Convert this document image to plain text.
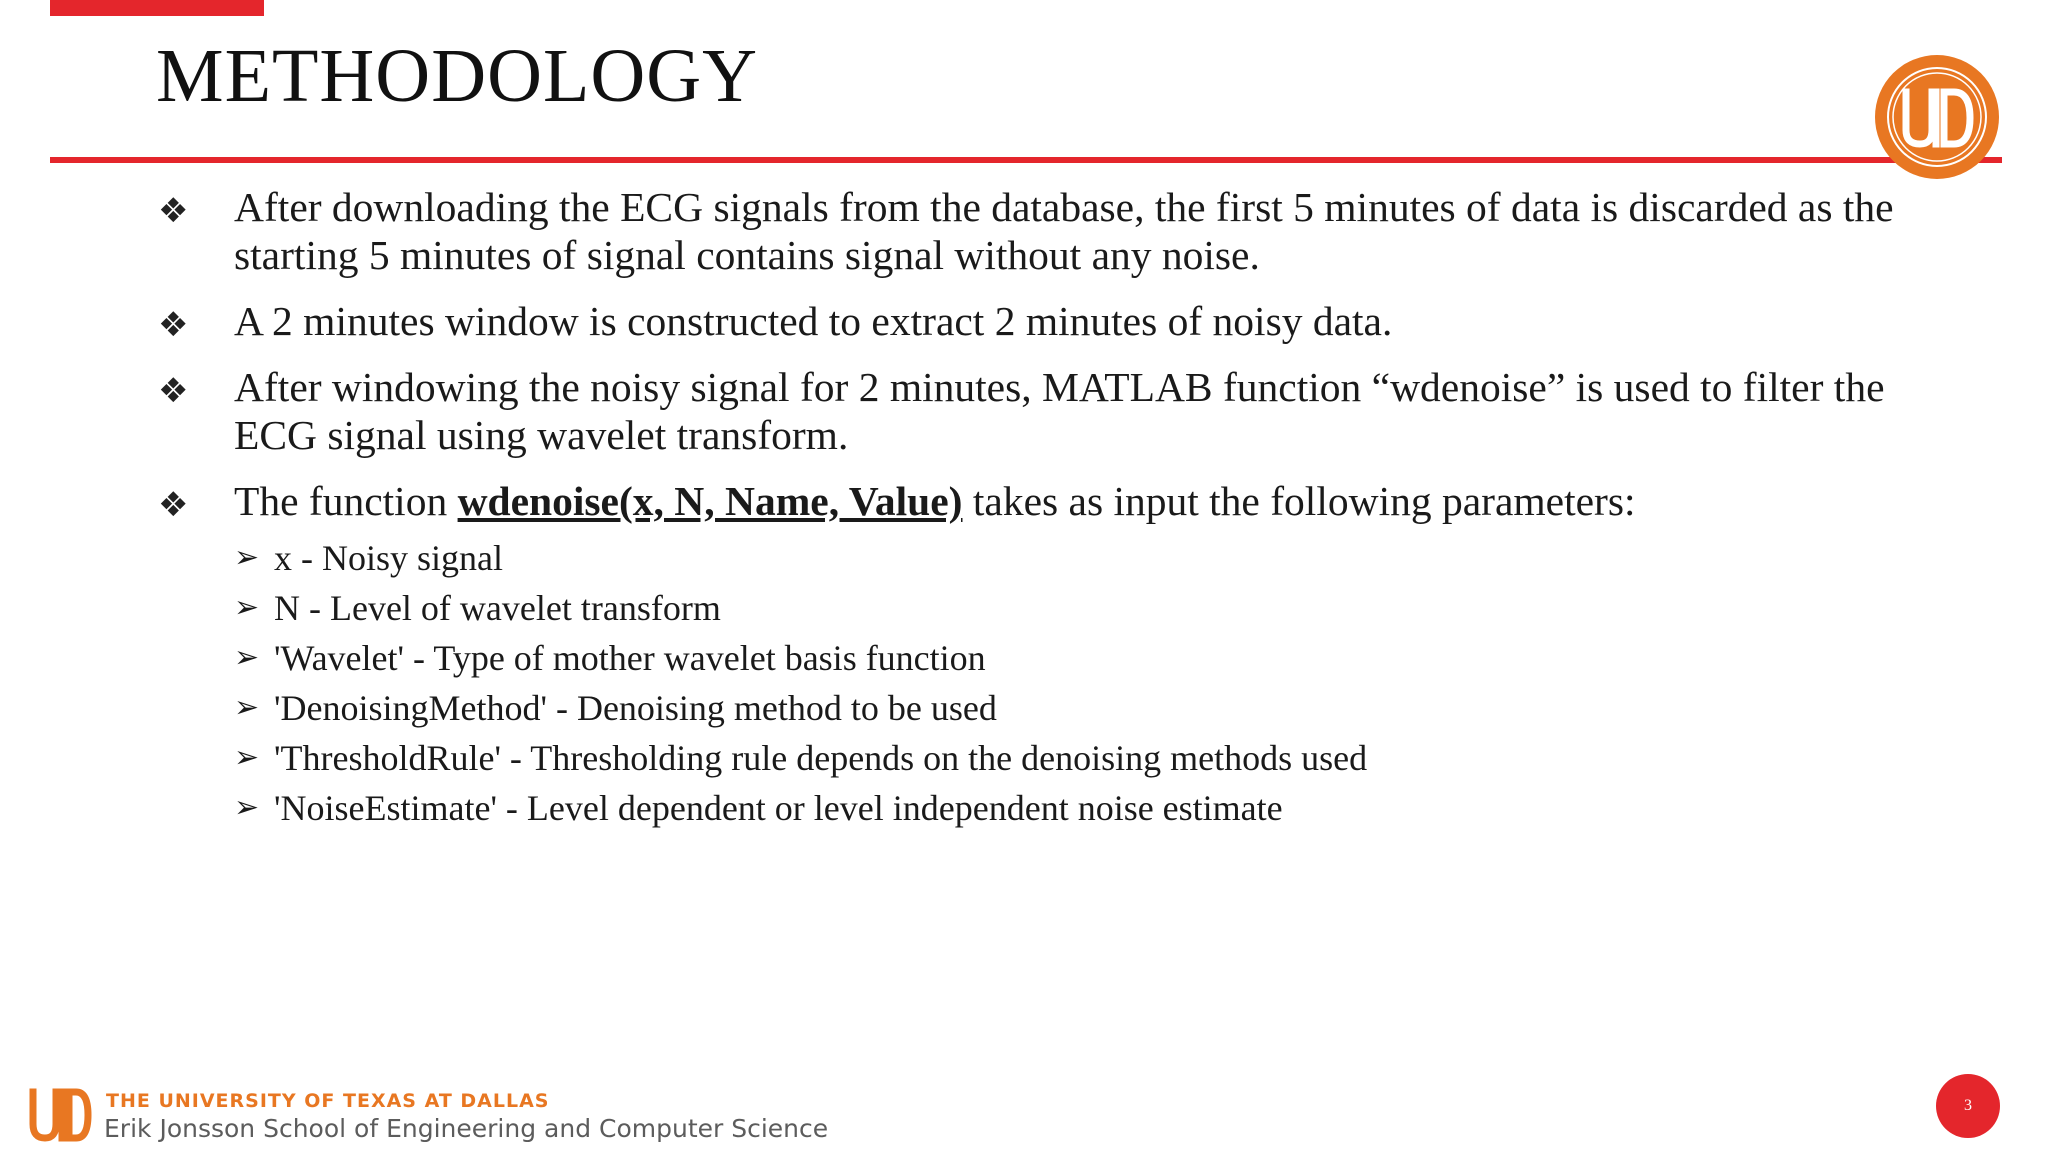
METHODOLOGY
❖ After downloading the ECG signals from the database, the first 5 minutes of data is discarded as the starting 5 minutes of signal contains signal without any noise.
❖ A 2 minutes window is constructed to extract 2 minutes of noisy data.
❖ After windowing the noisy signal for 2 minutes, MATLAB function “wdenoise” is used to filter the ECG signal using wavelet transform.
❖ The function wdenoise(x, N, Name, Value) takes as input the following parameters:
➢ x - Noisy signal
➢ N - Level of wavelet transform
➢ 'Wavelet' - Type of mother wavelet basis function
➢ 'DenoisingMethod' - Denoising method to be used
➢ 'ThresholdRule' - Thresholding rule depends on the denoising methods used
➢ 'NoiseEstimate' - Level dependent or level independent noise estimate
THE UNIVERSITY OF TEXAS AT DALLAS
Erik Jonsson School of Engineering and Computer Science
3
